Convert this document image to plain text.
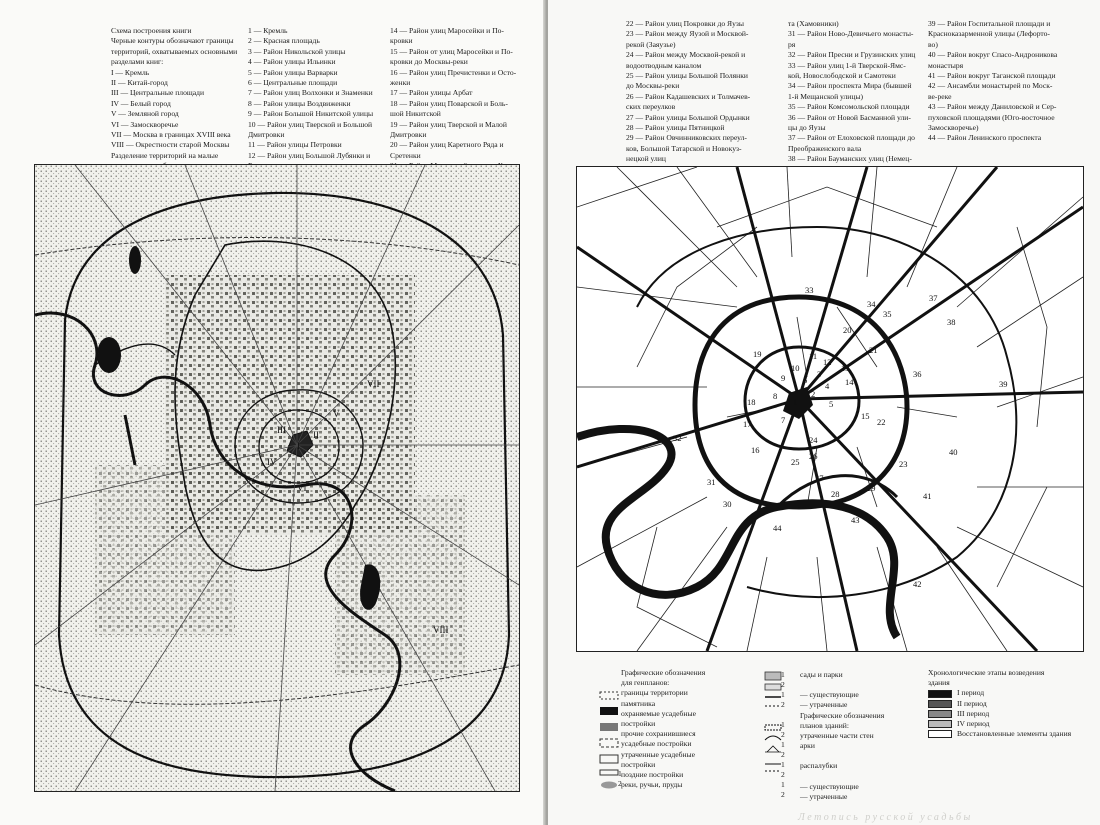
Схема построения книги
Черные контуры обозначают границы
территорий, охватываемых основными
разделами книг:
I — Кремль
II — Китай-город
III — Центральные площади
IV — Белый город
V — Земляной город
VI — Замоскворечье
VII — Москва в границах XVIII века
VIII — Окрестности старой Москвы
Разделение территорий на малые
1 — Кремль
2 — Красная площадь
3 — Район Никольской улицы
4 — Район улицы Ильинки
5 — Район улицы Варварки
6 — Центральные площади
7 — Район улиц Волхонки и Знаменки
8 — Район улицы Воздвиженки
9 — Район Большой Никитской улицы
10 — Район улиц Тверской и Большой
Дмитровки
11 — Район улицы Петровки
12 — Район улиц Большой Лубянки и
14 — Район улиц Маросейки и По-
кровки
15 — Район от улиц Маросейки и По-
кровки до Москвы-реки
16 — Район улиц Пречистенки и Осто-
женки
17 — Район улицы Арбат
18 — Район улиц Поварской и Боль-
шой Никитской
19 — Район улиц Тверской и Малой
Дмитровки
20 — Район улиц Каретного Ряда и
Сретенки
I
II
III
IV
V
VI
VII
VIII
22 — Район улиц Покровки до Яузы
23 — Район между Яузой и Москвой-
рекой (Заяузье)
24 — Район между Москвой-рекой и
водоотводным каналом
25 — Район улицы Большой Полянки
до Москвы-реки
26 — Район Кадашевских и Толмачев-
ских переулков
27 — Район улицы Большой Ордынки
28 — Район улицы Пятницкой
29 — Район Овчинниковских переул-
ков, Большой Татарской и Новокуз-
нецкой улиц
та (Хамовники)
31 — Район Ново-Девичьего монасты-
ря
32 — Район Пресни и Грузинских улиц
33 — Район улиц 1-й Тверской-Ямс-
кой, Новослободской и Самотеки
34 — Район проспекта Мира (бывшей
1-й Мещанской улицы)
35 — Район Комсомольской площади
36 — Район от Новой Басманной ули-
цы до Яузы
37 — Район от Елоховской площади до
Преображенского вала
38 — Район Бауманских улиц (Немец-
39 — Район Госпитальной площади и
Красноказарменной улицы (Лефорто-
во)
40 — Район вокруг Спасо-Андроникова
монастыря
41 — Район вокруг Таганской площади
42 — Ансамбли монастырей по Моск-
ве-реке
43 — Район между Даниловской и Сер-
пуховской площадями (Юго-восточное
Замоскворечье)
44 — Район Ленинского проспекта
1
2
3
4
5
6
7
8
9
10
11
12
13
14
15
16
17
18
19
20
21
22
23
24
25
26
27
28
29
30
31
32
33
34
35
36
37
38
39
40
41
42
43
44
1
2
Графические обозначения
для генпланов:
границы территории
памятника
охраняемые усадебные
постройки
прочие сохранившиеся
усадебные постройки
утраченные усадебные
постройки
поздние постройки
реки, ручьи, пруды
1
2
1
2
1
2
1
2
1
2
1
2
сады и парки
— существующие
— утраченные
Графические обозначения
планов зданий:
утраченные части стен
арки
распалубки
— существующие
— утраченные
Хронологические этапы возведения
здания
I период
II период
III период
IV период
Восстановленные элементы здания
Летопись русской усадьбы
